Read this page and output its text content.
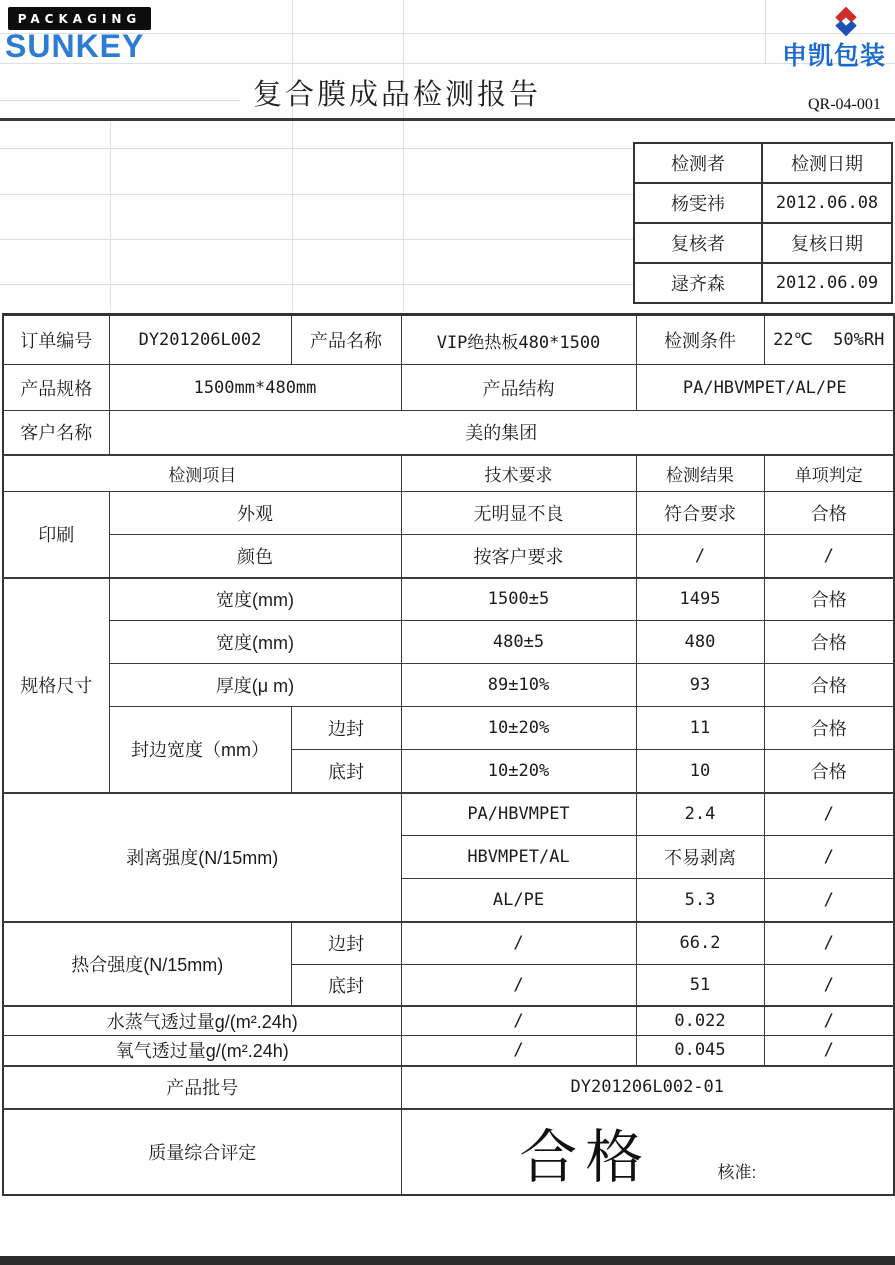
PACKAGING
SUNKEY	申凯包装
复合膜成品检测报告	QR-04-001
检测者	检测日期
杨雯祎	2012.06.08
复核者	复核日期
逯齐森	2012.06.09
订单编号	DY201206L002	产品名称	VIP绝热板480*1500	检测条件	22℃  50%RH
产品规格	1500mm*480mm		产品结构	PA/HBVMPET/AL/PE	
客户名称	美的集团				
检测项目			技术要求	检测结果	单项判定
印刷	外观		无明显不良	符合要求	合格
	颜色		按客户要求	/	/
规格尺寸	宽度(mm)		1500±5	1495	合格
	宽度(mm)		480±5	480	合格
	厚度(μ m)		89±10%	93	合格
	封边宽度（mm）	边封	10±20%	11	合格
		底封	10±20%	10	合格
剥离强度(N/15mm)			PA/HBVMPET	2.4	/
			HBVMPET/AL	不易剥离	/
			AL/PE	5.3	/
热合强度(N/15mm)		边封	/	66.2	/
		底封	/	51	/
水蒸气透过量g/(m².24h)			/	0.022	/
氧气透过量g/(m².24h)			/	0.045	/
产品批号			DY201206L002-01		
质量综合评定			合格 核准:		
